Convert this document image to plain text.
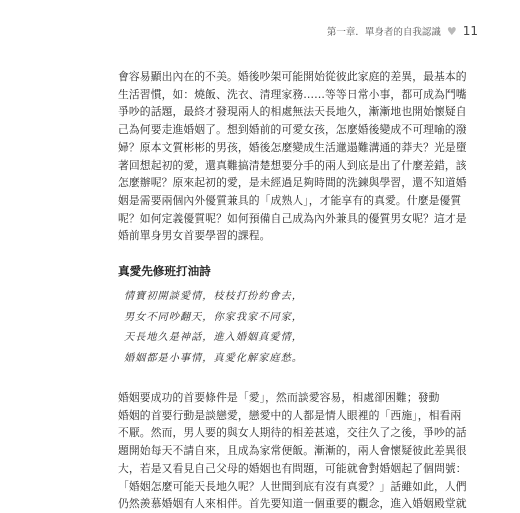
第一章．單身者的自我認識 ♥ 11

會容易顯出內在的不美。婚後吵架可能開始從彼此家庭的差異，最基本的

生活習慣，如：燒飯、洗衣、清理家務……等等日常小事，都可成為鬥嘴

爭吵的話題，最終才發現兩人的相處無法天長地久，漸漸地也開始懷疑自

己為何要走進婚姻了。想到婚前的可愛女孩，怎麼婚後變成不可理喻的潑

婦？原本文質彬彬的男孩，婚後怎麼變成生活邋遢難溝通的莽夫？光是墮

著回想起初的愛，還真難搞清楚想要分手的兩人到底是出了什麼差錯，該

怎麼辦呢？原來起初的愛，是未經過足夠時間的洗鍊與學習，還不知道婚

姻是需要兩個內外優質兼具的「成熟人」，才能享有的真愛。什麼是優質

呢？如何定義優質呢？如何預備自己成為內外兼具的優質男女呢？這才是

婚前單身男女首要學習的課程。

真愛先修班打油詩

情寶初開談愛情，枝枝打扮約會去，

男女不同吵翻天，你家我家不同家，

天長地久是神話，進入婚姻真愛情，

婚姻都是小事情，真愛化解家庭愁。

婚姻要成功的首要條件是「愛」，然而談愛容易，相處卻困難；發動

婚姻的首要行動是談戀愛，戀愛中的人都是情人眼裡的「西施」，相看兩

不厭。然而，男人要的與女人期待的相差甚遠，交往久了之後，爭吵的話

題開始每天不請自來，且成為家常便飯。漸漸的，兩人會懷疑彼此差異很

大，若是又看見自己父母的婚姻也有問題，可能就會對婚姻起了個問號：

「婚姻怎麼可能天長地久呢？人世間到底有沒有真愛？」話雖如此，人們

仍然羨慕婚姻有人來相伴。首先要知道一個重要的觀念，進入婚姻殿堂就
